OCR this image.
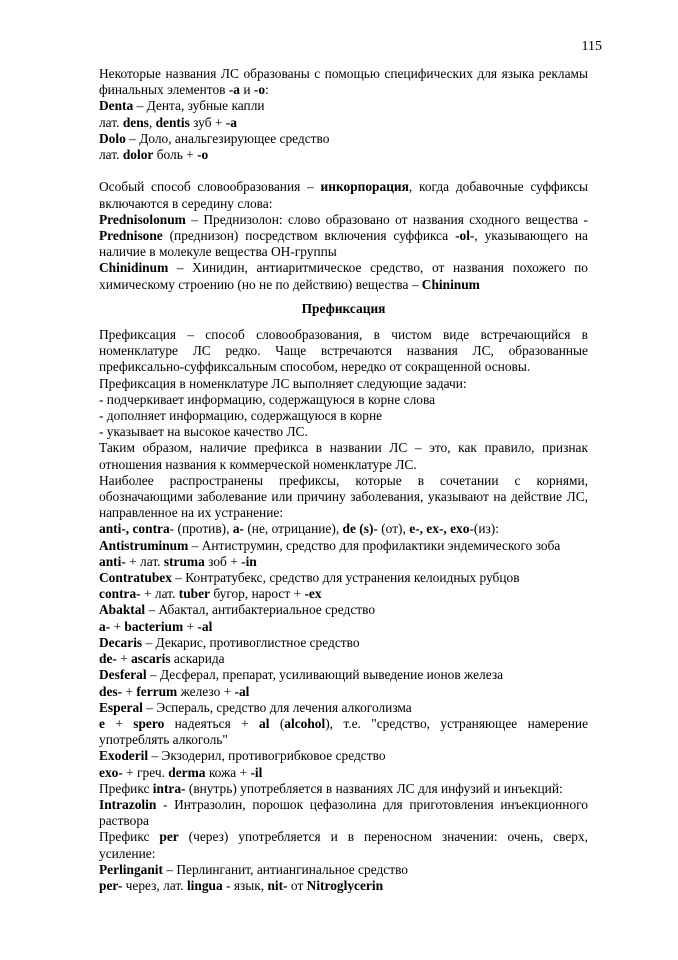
115

Некоторые названия ЛС образованы с помощью специфических для языка рекламы финальных элементов -а и -о:

Denta – Дента, зубные капли

лат. dens, dentis зуб + -a

Dolo – Доло, анальгезирующее средство

лат. dolor боль + -o

Особый способ словообразования – инкорпорация, когда добавочные суффиксы включаются в середину слова:

Prednisolonum – Преднизолон: слово образовано от названия сходного вещества - Prednisone (преднизон) посредством включения суффикса -ol-, указывающего на наличие в молекуле вещества ОН-группы

Chinidinum – Хинидин, антиаритмическое средство, от названия похожего по химическому строению (но не по действию) вещества – Chininum

Префиксация

Префиксация – способ словообразования, в чистом виде встречающийся в номенклатуре ЛС редко. Чаще встречаются названия ЛС, образованные префиксально-суффиксальным способом, нередко от сокращенной основы.

Префиксация в номенклатуре ЛС выполняет следующие задачи:

- подчеркивает информацию, содержащуюся в корне слова

- дополняет информацию, содержащуюся в корне

- указывает на высокое качество ЛС.

Таким образом, наличие префикса в названии ЛС – это, как правило, признак отношения названия к коммерческой номенклатуре ЛС.

Наиболее распространены префиксы, которые в сочетании с корнями, обозначающими заболевание или причину заболевания, указывают на действие ЛС, направленное на их устранение:

anti-, contra- (против), a- (не, отрицание), de (s)- (от), e-, ex-, exo-(из):

Antistruminum – Антиструмин, средство для профилактики эндемического зоба

anti- + лат. struma зоб + -in

Contratubex – Контратубекс, средство для устранения келоидных рубцов

contra- + лат. tuber бугор, нарост + -ex

Abaktal – Абактал, антибактериальное средство

a- + bacterium + -al

Decaris – Декарис, противоглистное средство

de- + ascaris аскарида

Desferal – Десферал, препарат, усиливающий выведение ионов железа

des- + ferrum железо + -al

Esperal – Эспераль, средство для лечения алкоголизма

e + spero надеяться + al (alcohol), т.е. "средство, устраняющее намерение употреблять алкоголь"

Exoderil – Экзодерил, противогрибковое средство

exo- + греч. derma кожа + -il

Префикс intra- (внутрь) употребляется в названиях ЛС для инфузий и инъекций:

Intrazolin - Интразолин, порошок цефазолина для приготовления инъекционного раствора

Префикс per (через) употребляется и в переносном значении: очень, сверх, усиление:

Perlinganit – Перлинганит, антиангинальное средство

per- через, лат. lingua - язык, nit- от Nitroglycerin
